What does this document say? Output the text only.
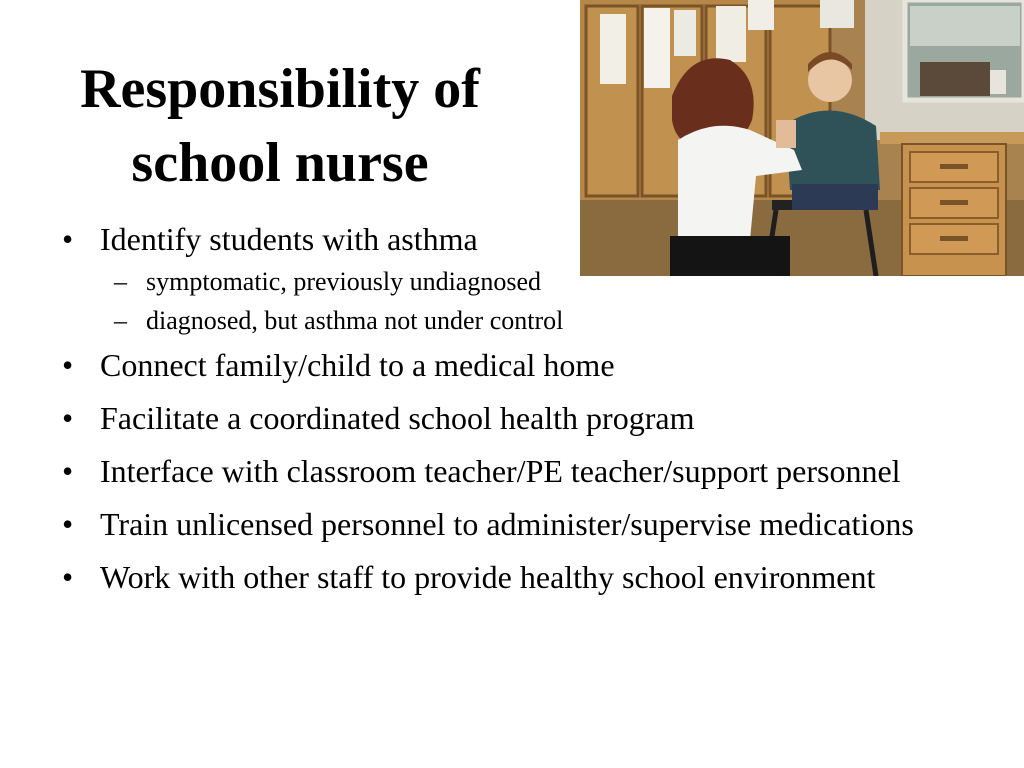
Responsibility of
school nurse
• Identify students with asthma
– symptomatic, previously undiagnosed
– diagnosed, but asthma not under control
• Connect family/child to a medical home
• Facilitate a coordinated school health program
• Interface with classroom teacher/PE teacher/support personnel
• Train unlicensed personnel to administer/supervise medications
• Work with other staff to provide healthy school environment
